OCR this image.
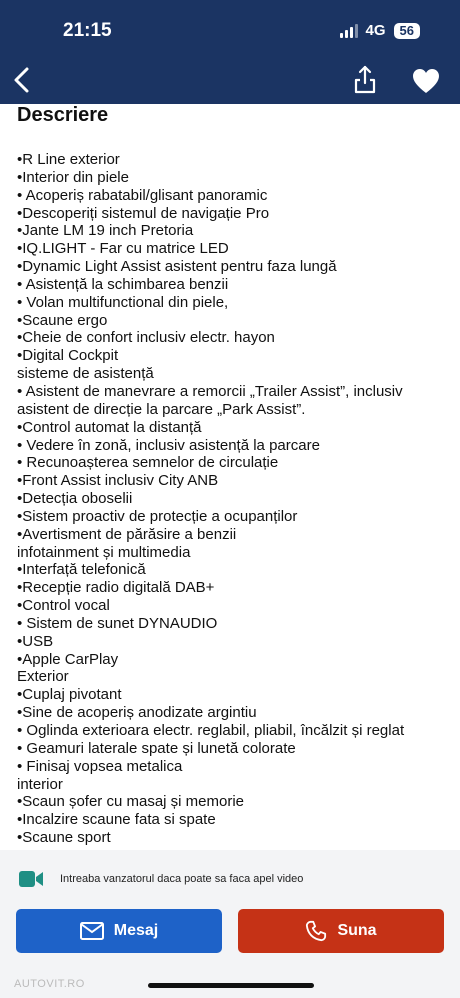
21:15	4G	56
Descriere
•R Line exterior
•Interior din piele
• Acoperiș rabatabil/glisant panoramic
•Descoperiți sistemul de navigație Pro
•Jante LM 19 inch Pretoria
•IQ.LIGHT - Far cu matrice LED
•Dynamic Light Assist asistent pentru faza lungă
• Asistență la schimbarea benzii
• Volan multifunctional din piele,
•Scaune ergo
•Cheie de confort inclusiv electr. hayon
•Digital Cockpit
sisteme de asistență
• Asistent de manevrare a remorcii „Trailer Assist”, inclusiv
asistent de direcție la parcare „Park Assist”.
•Control automat la distanță
• Vedere în zonă, inclusiv asistență la parcare
• Recunoașterea semnelor de circulație
•Front Assist inclusiv City ANB
•Detecția oboselii
•Sistem proactiv de protecție a ocupanților
•Avertisment de părăsire a benzii
infotainment și multimedia
•Interfață telefonică
•Recepție radio digitală DAB+
•Control vocal
• Sistem de sunet DYNAUDIO
•USB
•Apple CarPlay
Exterior
•Cuplaj pivotant
•Sine de acoperiș anodizate argintiu
• Oglinda exterioara electr. reglabil, pliabil, încălzit și reglat
• Geamuri laterale spate și lunetă colorate
• Finisaj vopsea metalica
interior
•Scaun șofer cu masaj și memorie
•Incalzire scaune fata si spate
•Scaune sport
Intreaba vanzatorul daca poate sa faca apel video
Mesaj	Suna
AUTOVIT.RO
